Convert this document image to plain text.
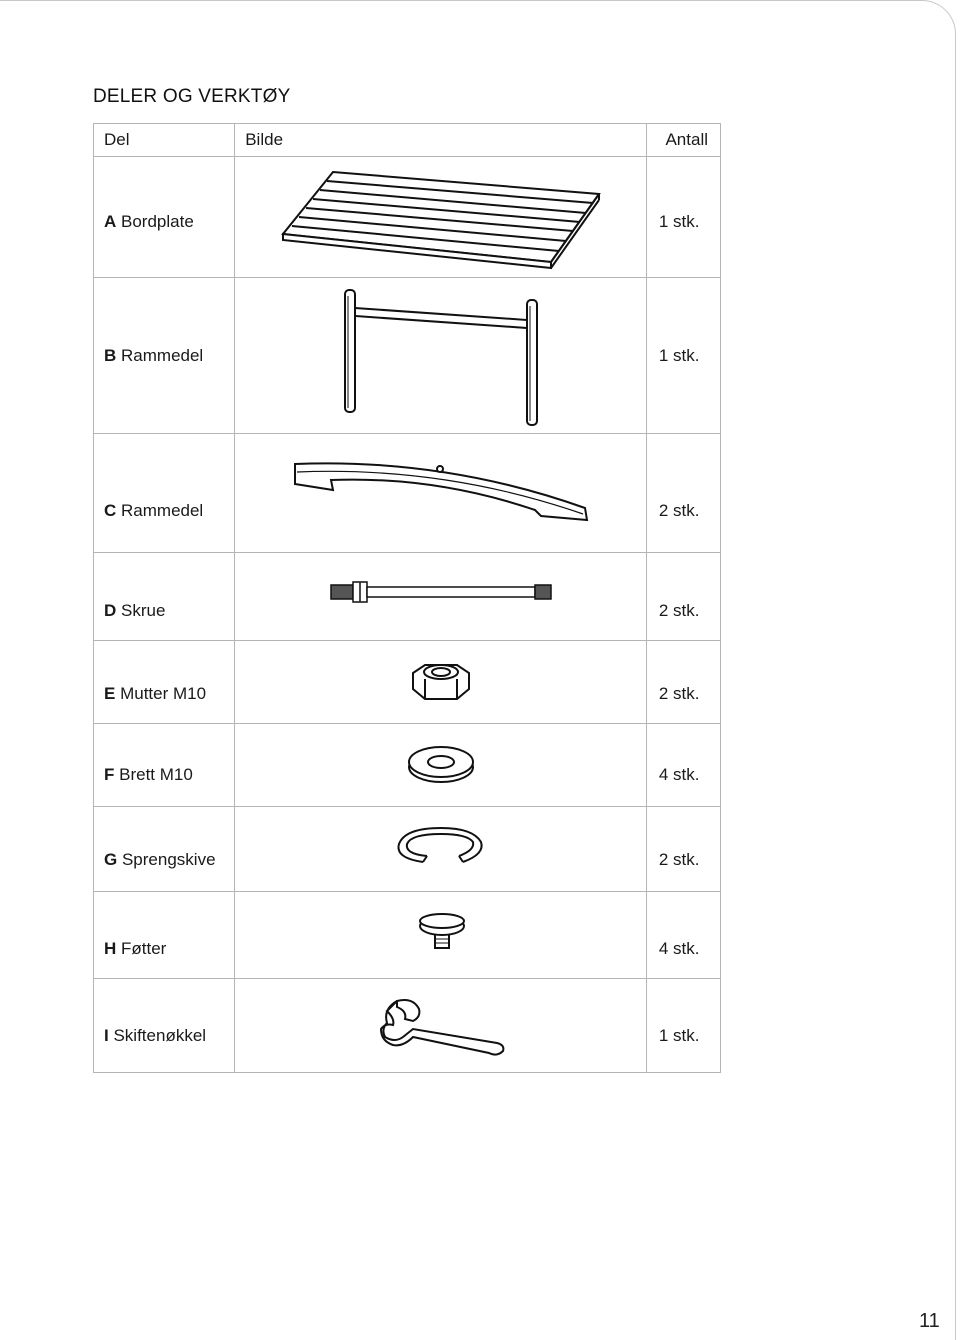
DELER OG VERKTØY
Del	Bilde	Antall
A Bordplate		1 stk.
B Rammedel		1 stk.
C Rammedel		2 stk.
D Skrue		2 stk.
E Mutter M10		2 stk.
F Brett M10		4 stk.
G Sprengskive		2 stk.
H Føtter		4 stk.
I Skiftenøkkel		1 stk.
11
